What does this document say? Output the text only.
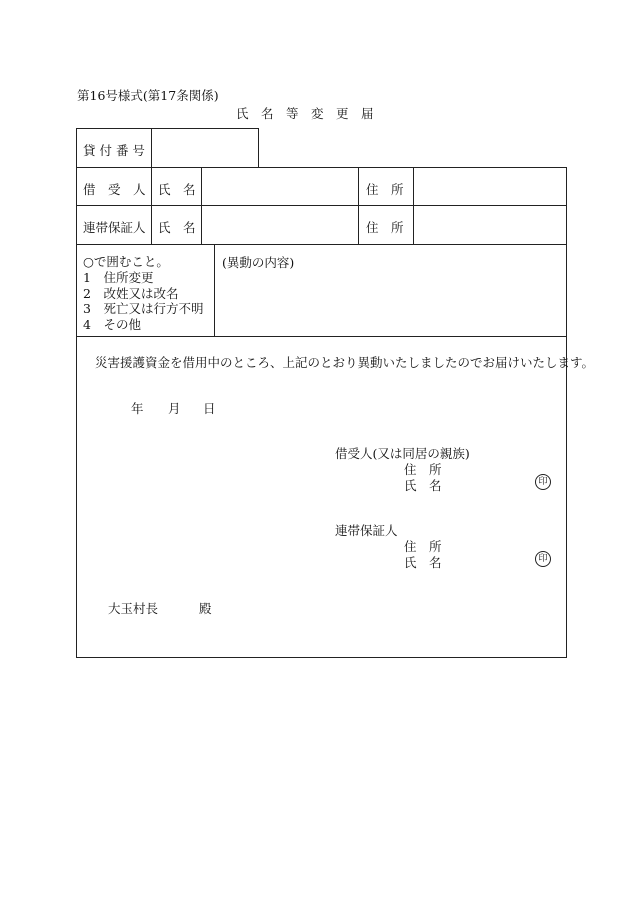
第16号様式(第17条関係)
氏　名　等　変　更　届
貸 付 番 号
借　受　人 氏　名	住　所
連帯保証人 氏　名	住　所
○で囲むこと。
1　住所変更
2　改姓又は改名
3　死亡又は行方不明
4　その他
(異動の内容)
災害援護資金を借用中のところ、上記のとおり異動いたしましたのでお届けいたします。
年 月 日
借受人(又は同居の親族)
住　所
氏　名	印
連帯保証人
住　所
氏　名	印
大玉村長	殿
